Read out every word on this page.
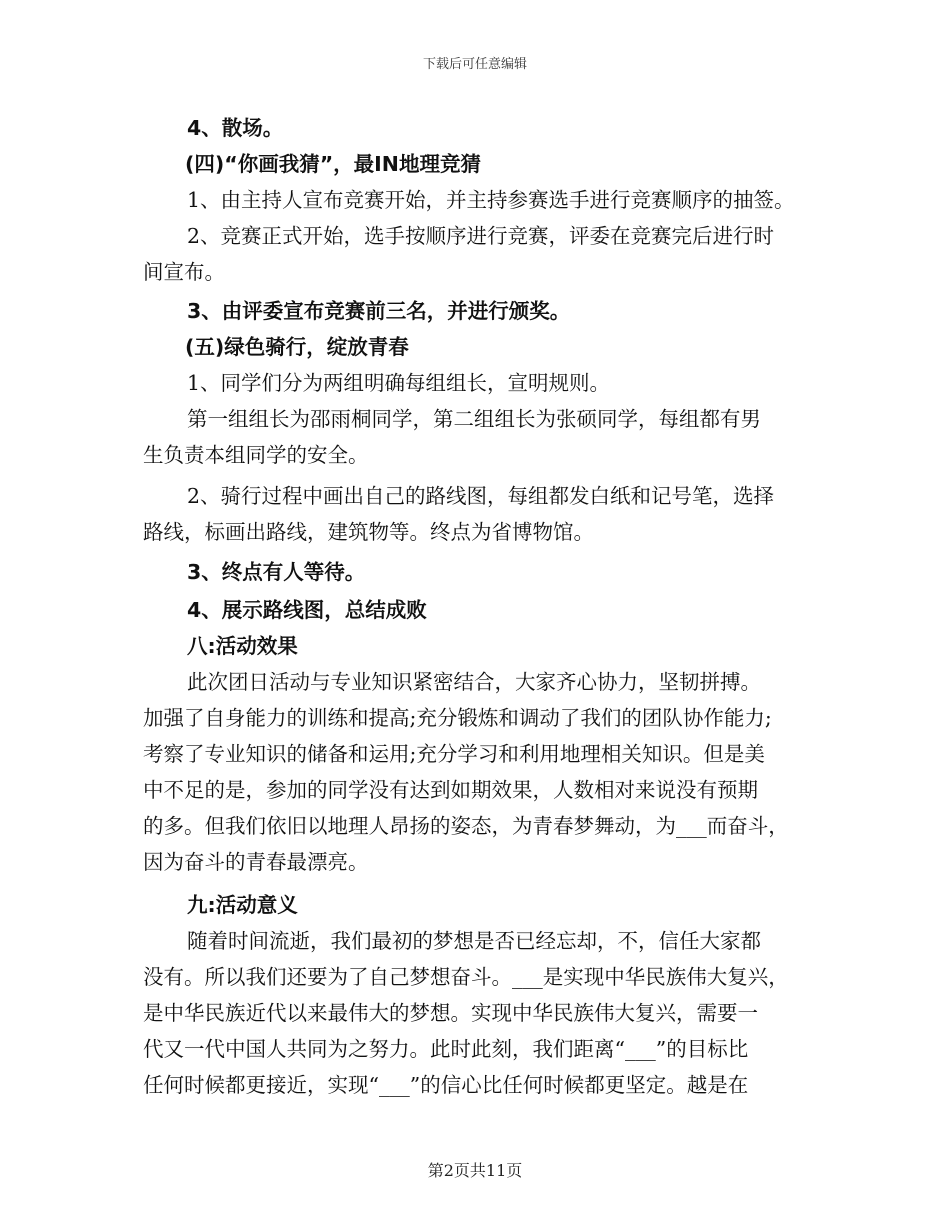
下载后可任意编辑
4、散场。
(四)“你画我猜”，最IN地理竞猜
1、由主持人宣布竞赛开始，并主持参赛选手进行竞赛顺序的抽签。
2、竞赛正式开始，选手按顺序进行竞赛，评委在竞赛完后进行时
间宣布。
3、由评委宣布竞赛前三名，并进行颁奖。
(五)绿色骑行，绽放青春
1、同学们分为两组明确每组组长，宣明规则。
第一组组长为邵雨桐同学，第二组组长为张硕同学，每组都有男
生负责本组同学的安全。
2、骑行过程中画出自己的路线图，每组都发白纸和记号笔，选择
路线，标画出路线，建筑物等。终点为省博物馆。
3、终点有人等待。
4、展示路线图，总结成败
八:活动效果
此次团日活动与专业知识紧密结合，大家齐心协力，坚韧拼搏。
加强了自身能力的训练和提高;充分锻炼和调动了我们的团队协作能力;
考察了专业知识的储备和运用;充分学习和利用地理相关知识。但是美
中不足的是，参加的同学没有达到如期效果，人数相对来说没有预期
的多。但我们依旧以地理人昂扬的姿态，为青春梦舞动，为___而奋斗，
因为奋斗的青春最漂亮。
九:活动意义
随着时间流逝，我们最初的梦想是否已经忘却，不，信任大家都
没有。所以我们还要为了自己梦想奋斗。___是实现中华民族伟大复兴，
是中华民族近代以来最伟大的梦想。实现中华民族伟大复兴，需要一
代又一代中国人共同为之努力。此时此刻，我们距离“___”的目标比
任何时候都更接近，实现“___”的信心比任何时候都更坚定。越是在
第2页共11页
